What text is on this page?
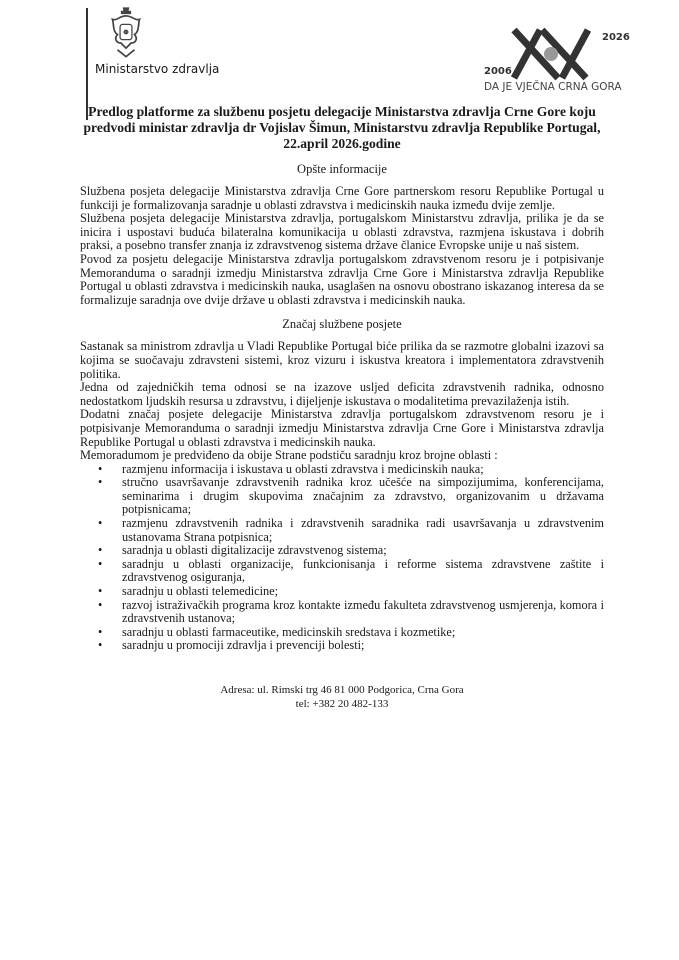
Ministarstvo zdravlja	2006
2026
DA JE VJEČNA CRNA GORA
Predlog platforme za službenu posjetu delegacije Ministarstva zdravlja Crne Gore koju
predvodi ministar zdravlja dr Vojislav Šimun, Ministarstvu zdravlja Republike Portugal,
22.april 2026.godine
Opšte informacije

Službena posjeta delegacije Ministarstva zdravlja Crne Gore partnerskom resoru Republike Portugal u funkciji je formalizovanja saradnje u oblasti zdravstva i medicinskih nauka između dvije zemlje.

Službena posjeta delegacije Ministarstva zdravlja, portugalskom Ministarstvu zdravlja, prilika je da se inicira i uspostavi buduća bilateralna komunikacija u oblasti zdravstva, razmjena iskustava i dobrih praksi, a posebno transfer znanja iz zdravstvenog sistema države članice Evropske unije u naš sistem.

Povod za posjetu delegacije Ministarstva zdravlja portugalskom zdravstvenom resoru je i potpisivanje Memoranduma o saradnji izmedju Ministarstva zdravlja Crne Gore i Ministarstva zdravlja Republike Portugal u oblasti zdravstva i medicinskih nauka, usaglašen na osnovu obostrano iskazanog interesa da se formalizuje saradnja ove dvije države u oblasti zdravstva i medicinskih nauka.

Značaj službene posjete

Sastanak sa ministrom zdravlja u Vladi Republike Portugal biće prilika da se razmotre globalni izazovi sa kojima se suočavaju zdravsteni sistemi, kroz vizuru i iskustva kreatora i implementatora zdravstvenih politika.

Jedna od zajedničkih tema odnosi se na izazove usljed deficita zdravstvenih radnika, odnosno nedostatkom ljudskih resursa u zdravstvu, i dijeljenje iskustava o modalitetima prevazilaženja istih.

Dodatni značaj posjete delegacije Ministarstva zdravlja portugalskom zdravstvenom resoru je i potpisivanje Memoranduma o saradnji izmedju Ministarstva zdravlja Crne Gore i Ministarstva zdravlja Republike Portugal u oblasti zdravstva i medicinskih nauka.

Memoradumom je predviđeno da obije Strane podstiču saradnju kroz brojne oblasti :

• razmjenu informacija i iskustava u oblasti zdravstva i medicinskih nauka;
• stručno usavršavanje zdravstvenih radnika kroz učešće na simpozijumima, konferencijama, seminarima i drugim skupovima značajnim za zdravstvo, organizovanim u državama potpisnicama;
• razmjenu zdravstvenih radnika i zdravstvenih saradnika radi usavršavanja u zdravstvenim ustanovama Strana potpisnica;
• saradnja u oblasti digitalizacije zdravstvenog sistema;
• saradnju u oblasti organizacije, funkcionisanja i reforme sistema zdravstvene zaštite i zdravstvenog osiguranja,
• saradnju u oblasti telemedicine;
• razvoj istraživačkih programa kroz kontakte između fakulteta zdravstvenog usmjerenja, komora i zdravstvenih ustanova;
• saradnju u oblasti farmaceutike, medicinskih sredstava i kozmetike;
• saradnju u promociji zdravlja i prevenciji bolesti;
Adresa: ul. Rimski trg 46 81 000 Podgorica, Crna Gora
tel: +382 20 482-133
